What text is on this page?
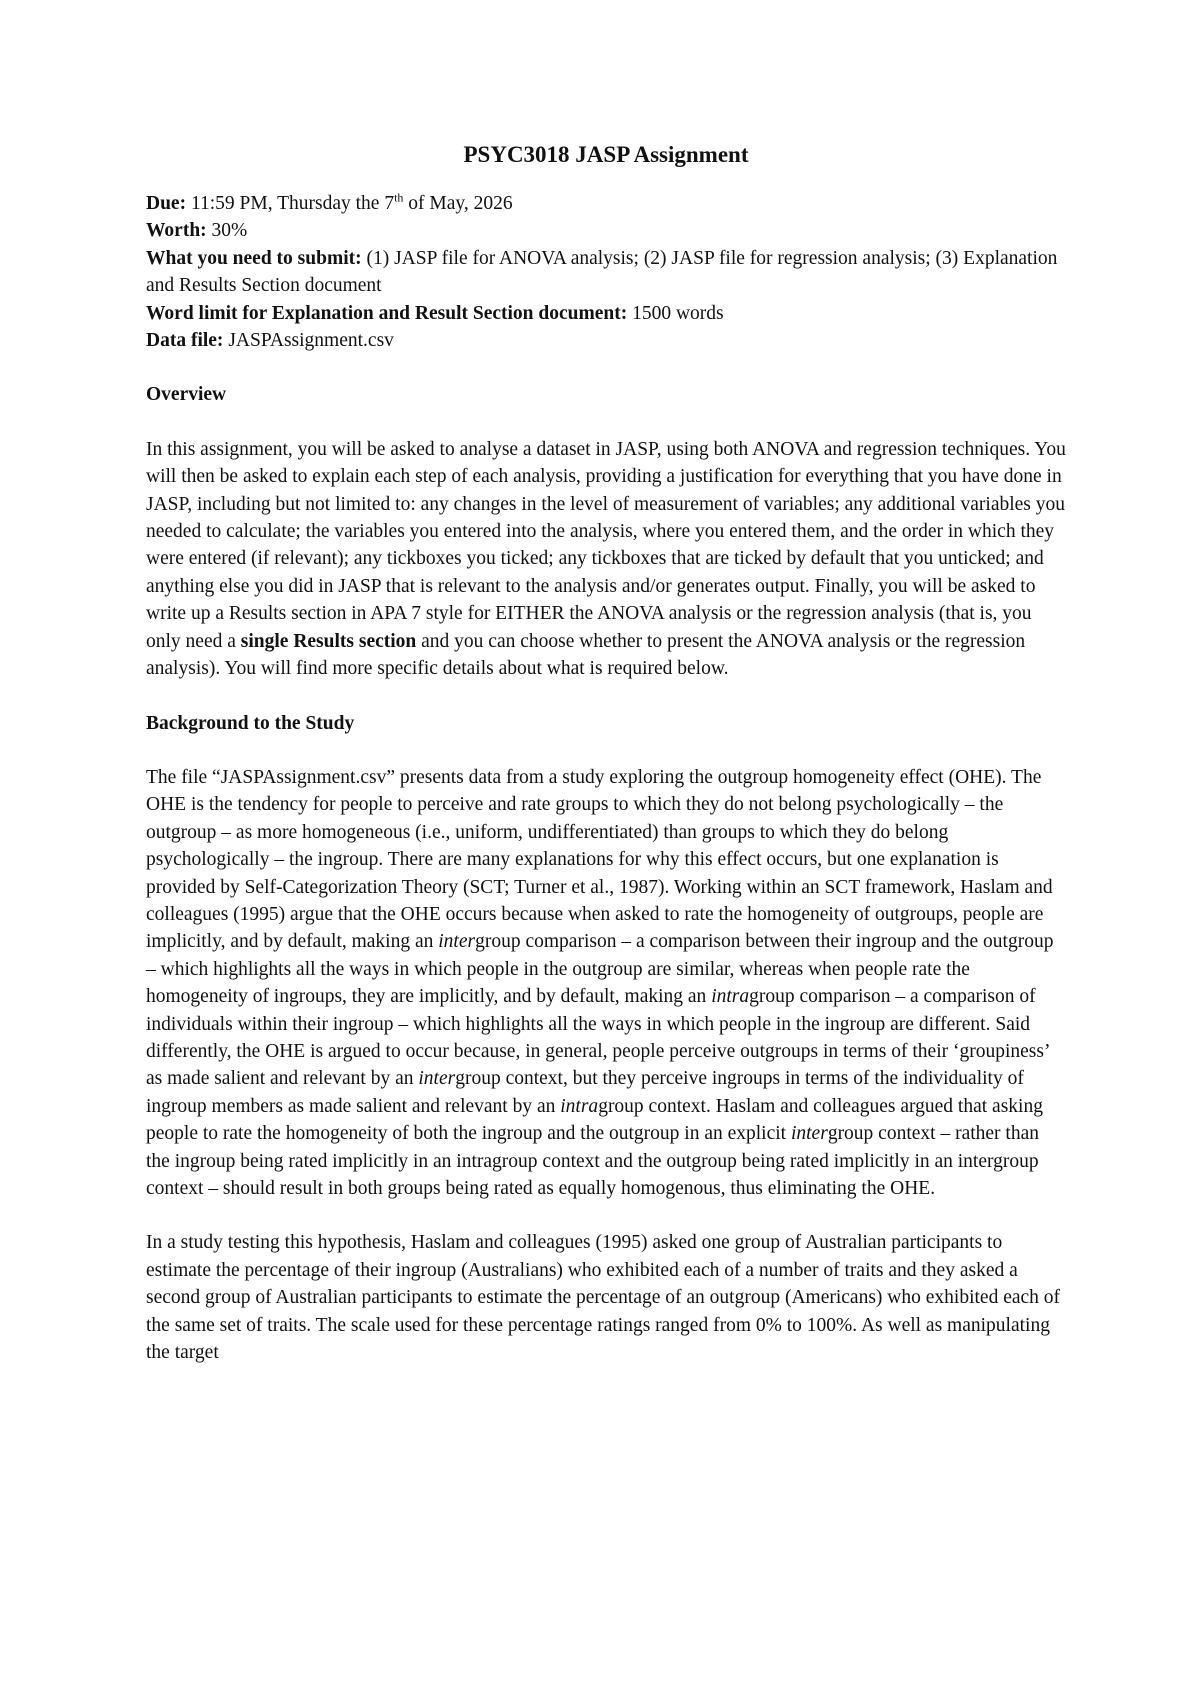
PSYC3018 JASP Assignment

Due: 11:59 PM, Thursday the 7th of May, 2026

Worth: 30%

What you need to submit: (1) JASP file for ANOVA analysis; (2) JASP file for regression analysis; (3) Explanation and Results Section document

Word limit for Explanation and Result Section document: 1500 words

Data file: JASPAssignment.csv

Overview

In this assignment, you will be asked to analyse a dataset in JASP, using both ANOVA and regression techniques. You will then be asked to explain each step of each analysis, providing a justification for everything that you have done in JASP, including but not limited to: any changes in the level of measurement of variables; any additional variables you needed to calculate; the variables you entered into the analysis, where you entered them, and the order in which they were entered (if relevant); any tickboxes you ticked; any tickboxes that are ticked by default that you unticked; and anything else you did in JASP that is relevant to the analysis and/or generates output. Finally, you will be asked to write up a Results section in APA 7 style for EITHER the ANOVA analysis or the regression analysis (that is, you only need a single Results section and you can choose whether to present the ANOVA analysis or the regression analysis). You will find more specific details about what is required below.

Background to the Study

The file “JASPAssignment.csv” presents data from a study exploring the outgroup homogeneity effect (OHE). The OHE is the tendency for people to perceive and rate groups to which they do not belong psychologically – the outgroup – as more homogeneous (i.e., uniform, undifferentiated) than groups to which they do belong psychologically – the ingroup. There are many explanations for why this effect occurs, but one explanation is provided by Self-Categorization Theory (SCT; Turner et al., 1987). Working within an SCT framework, Haslam and colleagues (1995) argue that the OHE occurs because when asked to rate the homogeneity of outgroups, people are implicitly, and by default, making an intergroup comparison – a comparison between their ingroup and the outgroup – which highlights all the ways in which people in the outgroup are similar, whereas when people rate the homogeneity of ingroups, they are implicitly, and by default, making an intragroup comparison – a comparison of individuals within their ingroup – which highlights all the ways in which people in the ingroup are different. Said differently, the OHE is argued to occur because, in general, people perceive outgroups in terms of their ‘groupiness’ as made salient and relevant by an intergroup context, but they perceive ingroups in terms of the individuality of ingroup members as made salient and relevant by an intragroup context. Haslam and colleagues argued that asking people to rate the homogeneity of both the ingroup and the outgroup in an explicit intergroup context – rather than the ingroup being rated implicitly in an intragroup context and the outgroup being rated implicitly in an intergroup context – should result in both groups being rated as equally homogenous, thus eliminating the OHE.

In a study testing this hypothesis, Haslam and colleagues (1995) asked one group of Australian participants to estimate the percentage of their ingroup (Australians) who exhibited each of a number of traits and they asked a second group of Australian participants to estimate the percentage of an outgroup (Americans) who exhibited each of the same set of traits. The scale used for these percentage ratings ranged from 0% to 100%. As well as manipulating the target
